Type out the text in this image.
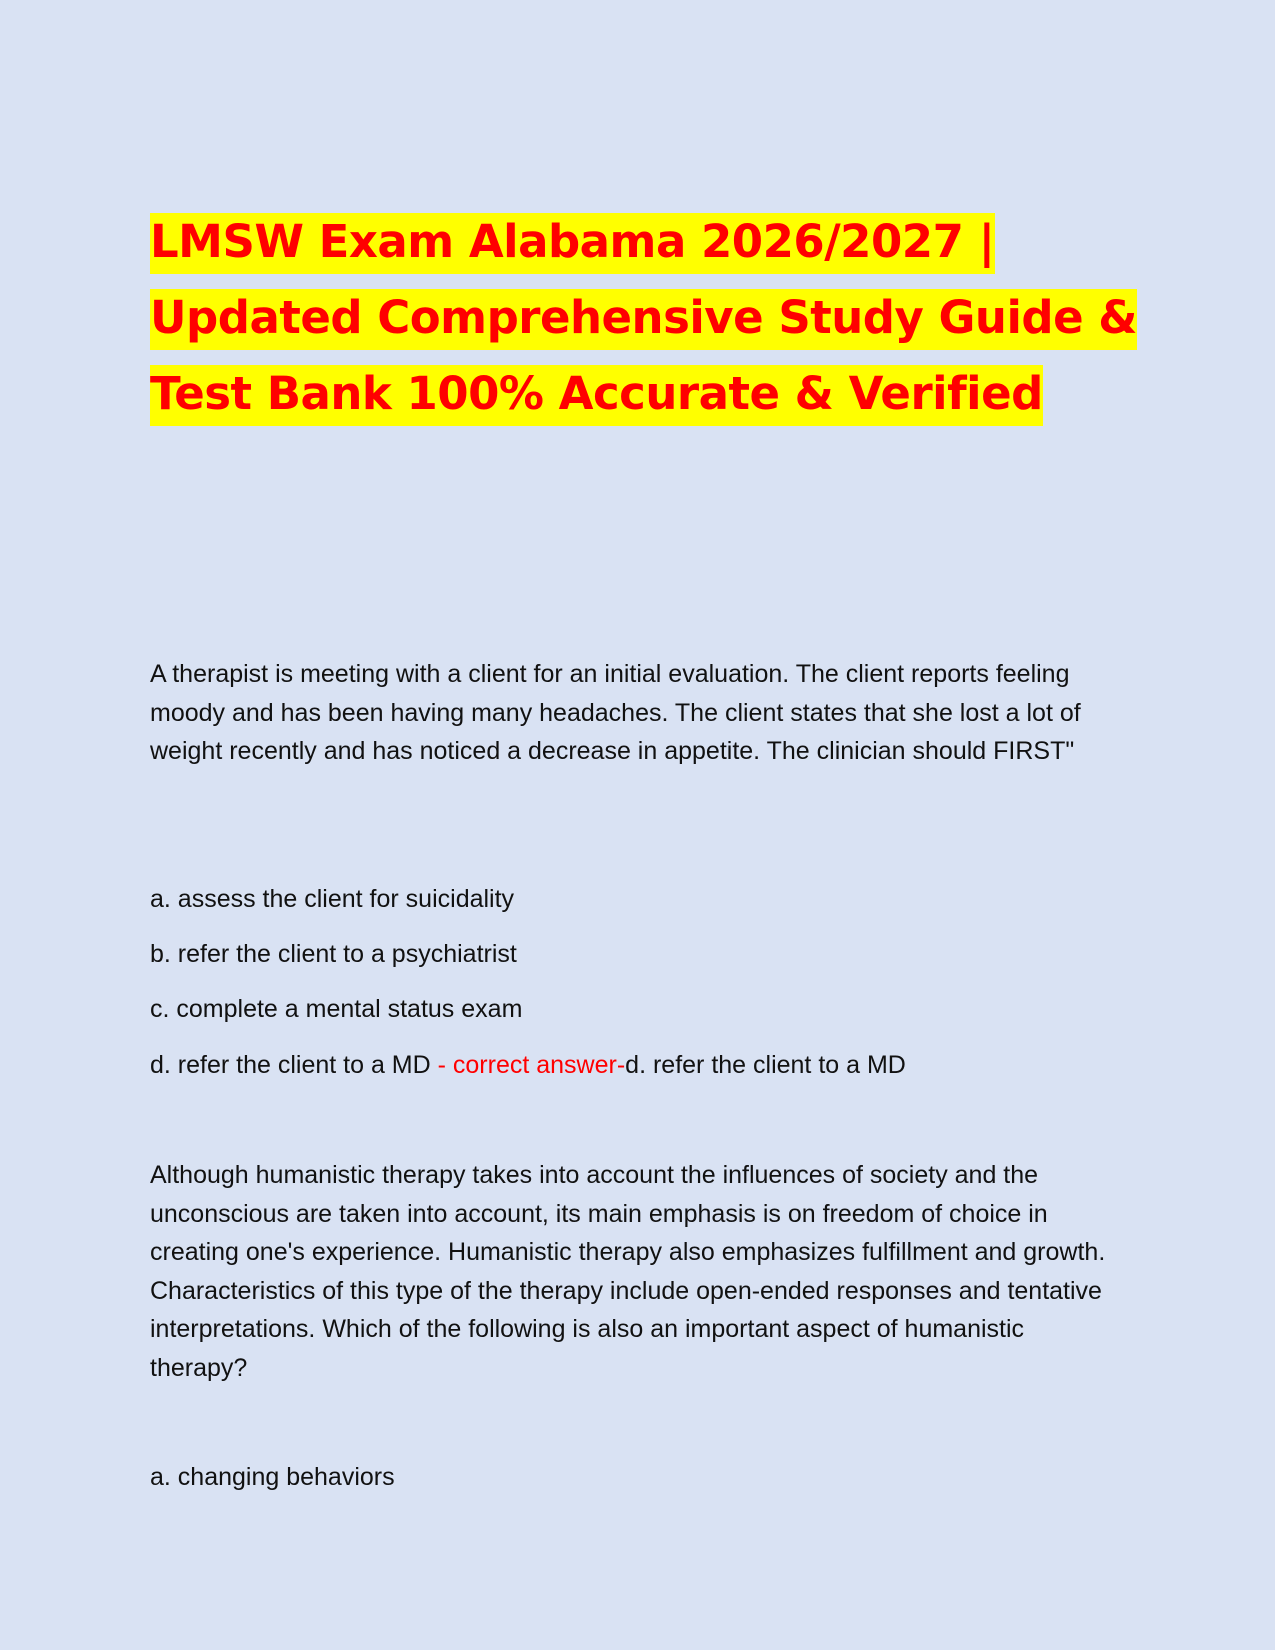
LMSW Exam Alabama 2026/2027 | Updated Comprehensive Study Guide & Test Bank 100% Accurate & Verified

A therapist is meeting with a client for an initial evaluation. The client reports feeling moody and has been having many headaches. The client states that she lost a lot of weight recently and has noticed a decrease in appetite. The clinician should FIRST"

a. assess the client for suicidality

b. refer the client to a psychiatrist

c. complete a mental status exam

d. refer the client to a MD - correct answer-d. refer the client to a MD

Although humanistic therapy takes into account the influences of society and the unconscious are taken into account, its main emphasis is on freedom of choice in creating one's experience. Humanistic therapy also emphasizes fulfillment and growth. Characteristics of this type of the therapy include open-ended responses and tentative interpretations. Which of the following is also an important aspect of humanistic therapy?

a. changing behaviors
